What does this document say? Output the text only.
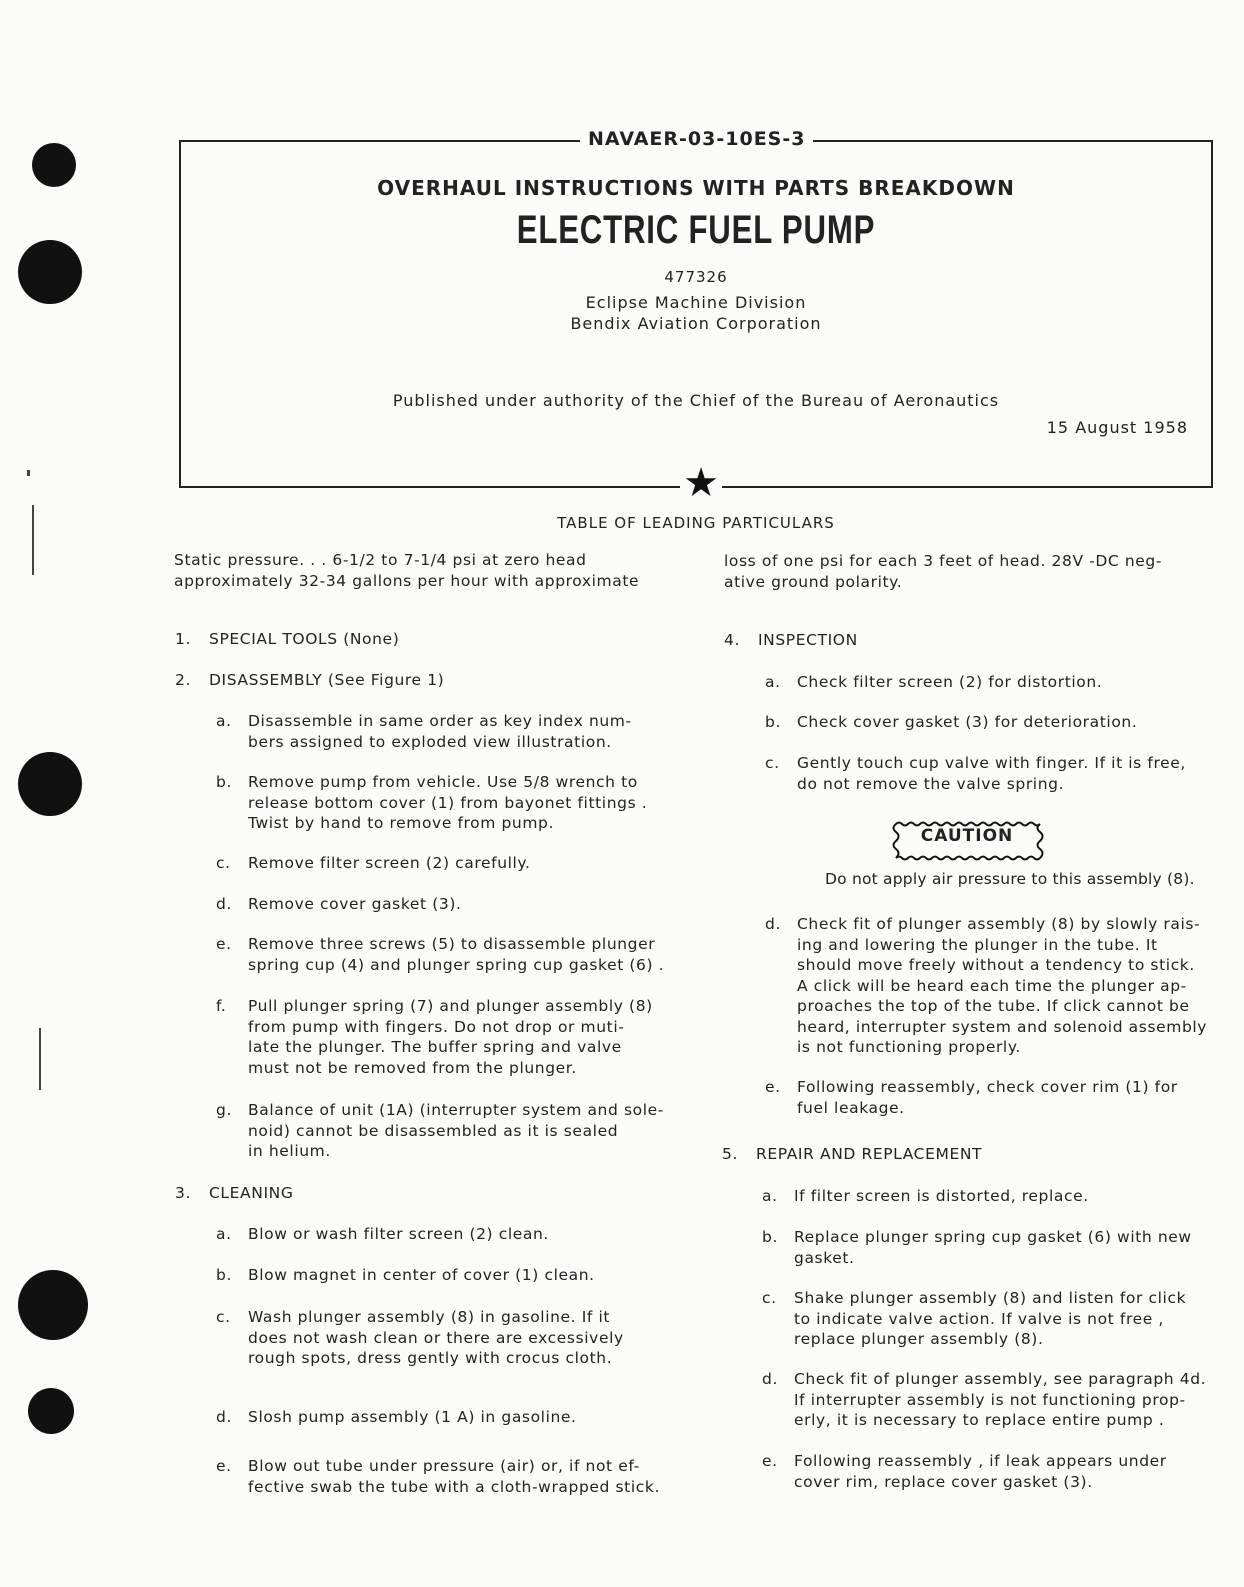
NAVAER-03-10ES-3
OVERHAUL INSTRUCTIONS WITH PARTS BREAKDOWN
ELECTRIC FUEL PUMP
477326
Eclipse Machine Division
Bendix Aviation Corporation
Published under authority of the Chief of the Bureau of Aeronautics
15 August 1958
★
TABLE OF LEADING PARTICULARS
Static pressure. . . 6-1/2 to 7-1/4 psi at zero head
approximately 32-34 gallons per hour with approximate
loss of one psi for each 3 feet of head. 28V -DC neg-
ative ground polarity.
1. SPECIAL TOOLS (None)
2. DISASSEMBLY (See Figure 1)
a. Disassemble in same order as key index num-
bers assigned to exploded view illustration.
b. Remove pump from vehicle. Use 5/8 wrench to
release bottom cover (1) from bayonet fittings .
Twist by hand to remove from pump.
c. Remove filter screen (2) carefully.
d. Remove cover gasket (3).
e. Remove three screws (5) to disassemble plunger
spring cup (4) and plunger spring cup gasket (6) .
f. Pull plunger spring (7) and plunger assembly (8)
from pump with fingers. Do not drop or muti-
late the plunger. The buffer spring and valve
must not be removed from the plunger.
g. Balance of unit (1A) (interrupter system and sole-
noid) cannot be disassembled as it is sealed
in helium.
3. CLEANING
a. Blow or wash filter screen (2) clean.
b. Blow magnet in center of cover (1) clean.
c. Wash plunger assembly (8) in gasoline. If it
does not wash clean or there are excessively
rough spots, dress gently with crocus cloth.
d. Slosh pump assembly (1 A) in gasoline.
e. Blow out tube under pressure (air) or, if not ef-
fective swab the tube with a cloth-wrapped stick.
4. INSPECTION
a. Check filter screen (2) for distortion.
b. Check cover gasket (3) for deterioration.
c. Gently touch cup valve with finger. If it is free,
do not remove the valve spring.
CAUTION
Do not apply air pressure to this assembly (8).
d. Check fit of plunger assembly (8) by slowly rais-
ing and lowering the plunger in the tube. It
should move freely without a tendency to stick.
A click will be heard each time the plunger ap-
proaches the top of the tube. If click cannot be
heard, interrupter system and solenoid assembly
is not functioning properly.
e. Following reassembly, check cover rim (1) for
fuel leakage.
5. REPAIR AND REPLACEMENT
a. If filter screen is distorted, replace.
b. Replace plunger spring cup gasket (6) with new
gasket.
c. Shake plunger assembly (8) and listen for click
to indicate valve action. If valve is not free ,
replace plunger assembly (8).
d. Check fit of plunger assembly, see paragraph 4d.
If interrupter assembly is not functioning prop-
erly, it is necessary to replace entire pump .
e. Following reassembly , if leak appears under
cover rim, replace cover gasket (3).
